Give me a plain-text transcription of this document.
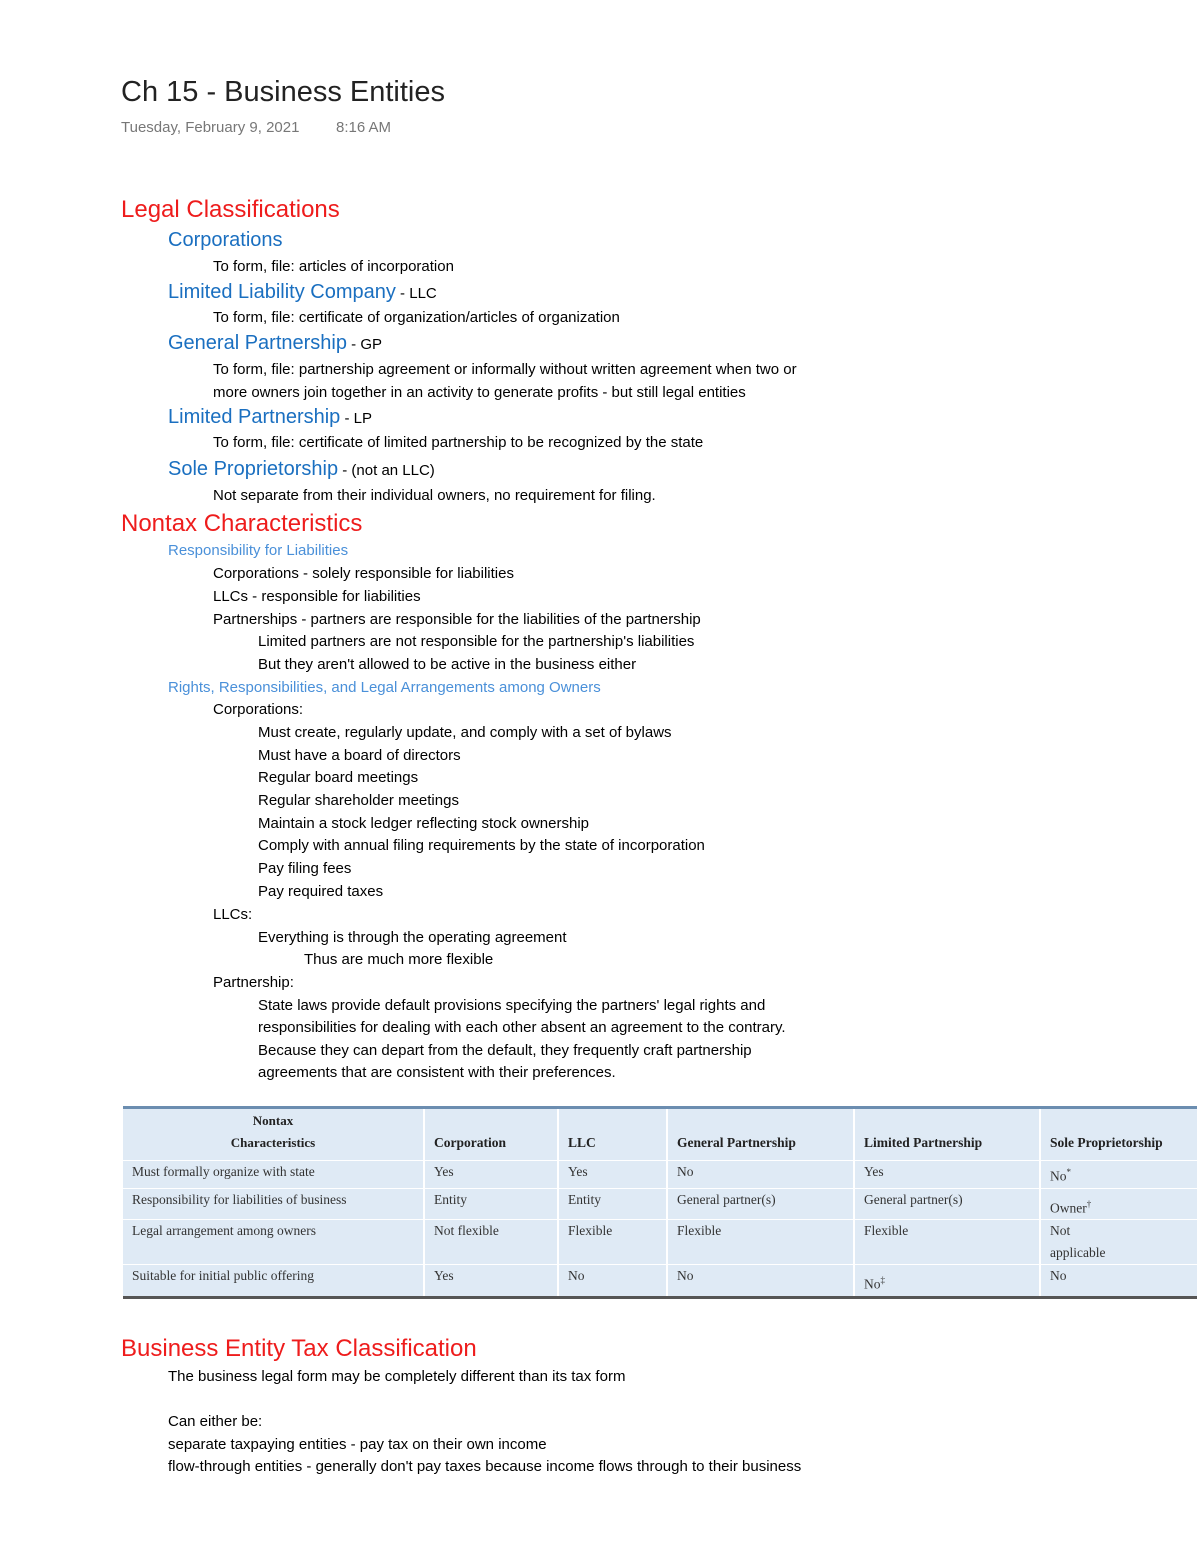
Ch 15 - Business Entities
Tuesday, February 9, 2021 8:16 AM
Legal Classifications
Corporations
To form, file: articles of incorporation
Limited Liability Company - LLC
To form, file: certificate of organization/articles of organization
General Partnership - GP
To form, file: partnership agreement or informally without written agreement when two or
more owners join together in an activity to generate profits - but still legal entities
Limited Partnership - LP
To form, file: certificate of limited partnership to be recognized by the state
Sole Proprietorship - (not an LLC)
Not separate from their individual owners, no requirement for filing.
Nontax Characteristics
Responsibility for Liabilities
Corporations - solely responsible for liabilities
LLCs - responsible for liabilities
Partnerships - partners are responsible for the liabilities of the partnership
Limited partners are not responsible for the partnership's liabilities
But they aren't allowed to be active in the business either
Rights, Responsibilities, and Legal Arrangements among Owners
Corporations:
Must create, regularly update, and comply with a set of bylaws
Must have a board of directors
Regular board meetings
Regular shareholder meetings
Maintain a stock ledger reflecting stock ownership
Comply with annual filing requirements by the state of incorporation
Pay filing fees
Pay required taxes
LLCs:
Everything is through the operating agreement
Thus are much more flexible
Partnership:
State laws provide default provisions specifying the partners' legal rights and
responsibilities for dealing with each other absent an agreement to the contrary.
Because they can depart from the default, they frequently craft partnership
agreements that are consistent with their preferences.
Nontax
Characteristics	Corporation	LLC	General Partnership	Limited Partnership	Sole Proprietorship
Must formally organize with state	Yes	Yes	No	Yes	No*
Responsibility for liabilities of business	Entity	Entity	General partner(s)	General partner(s)	Owner†
Legal arrangement among owners	Not flexible	Flexible	Flexible	Flexible	Not
applicable

Suitable for initial public offering	Yes	No	No	No‡	No
Business Entity Tax Classification
The business legal form may be completely different than its tax form
Can either be:
separate taxpaying entities - pay tax on their own income
flow-through entities - generally don't pay taxes because income flows through to their business
